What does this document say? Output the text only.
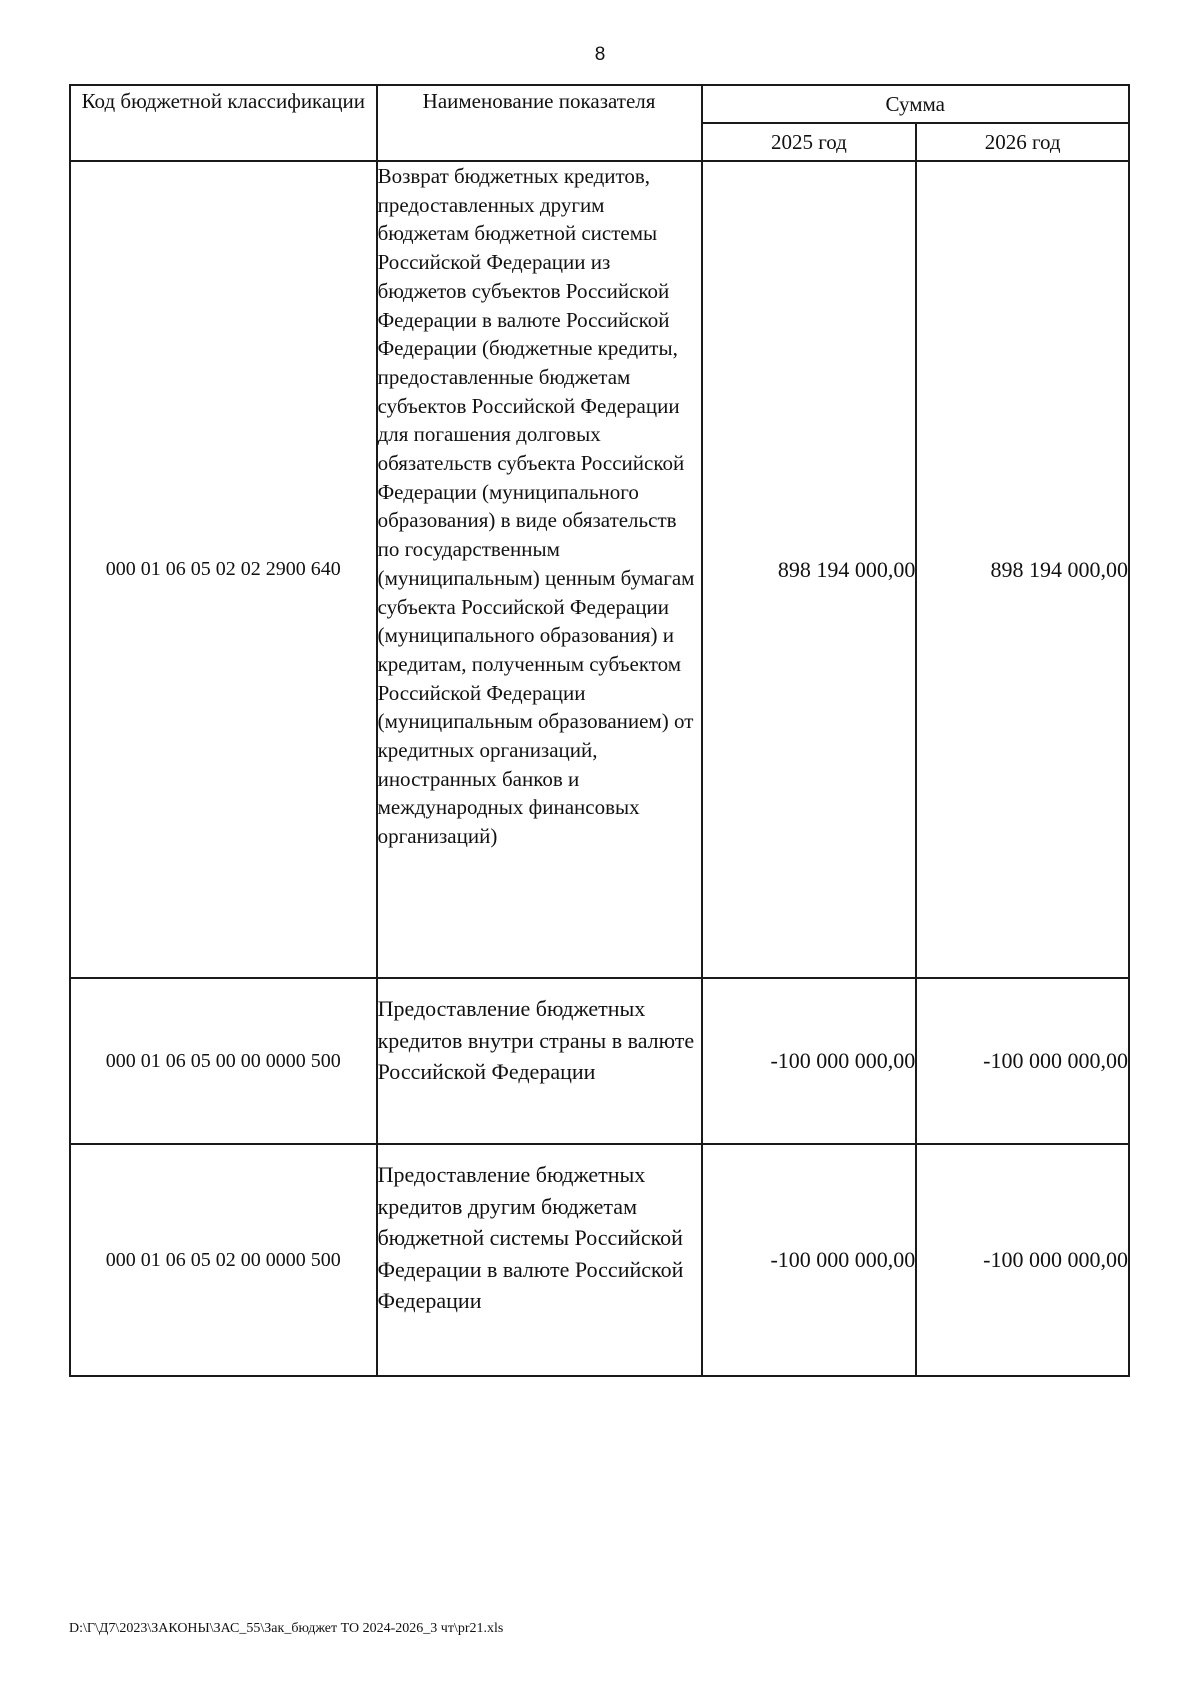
8
Код бюджетной классификации	Наименование показателя	Сумма	
		2025 год	2026 год
000 01 06 05 02 02 2900 640	Возврат бюджетных кредитов, предоставленных другим бюджетам бюджетной системы Российской Федерации из бюджетов субъектов Российской Федерации в валюте Российской Федерации (бюджетные кредиты, предоставленные бюджетам субъектов Российской Федерации для погашения долговых обязательств субъекта Российской Федерации (муниципального образования) в виде обязательств по государственным (муниципальным) ценным бумагам субъекта Российской Федерации (муниципального образования) и кредитам, полученным субъектом Российской Федерации (муниципальным образованием) от кредитных организаций, иностранных банков и международных финансовых организаций)	898 194 000,00	898 194 000,00
000 01 06 05 00 00 0000 500	Предоставление бюджетных кредитов внутри страны в валюте Российской Федерации	-100 000 000,00	-100 000 000,00
000 01 06 05 02 00 0000 500	Предоставление бюджетных кредитов другим бюджетам бюджетной системы Российской Федерации в валюте Российской Федерации	-100 000 000,00	-100 000 000,00
D:\Г\Д7\2023\ЗАКОНЫ\ЗАС_55\Зак_бюджет ТО 2024-2026_3 чт\pr21.xls
